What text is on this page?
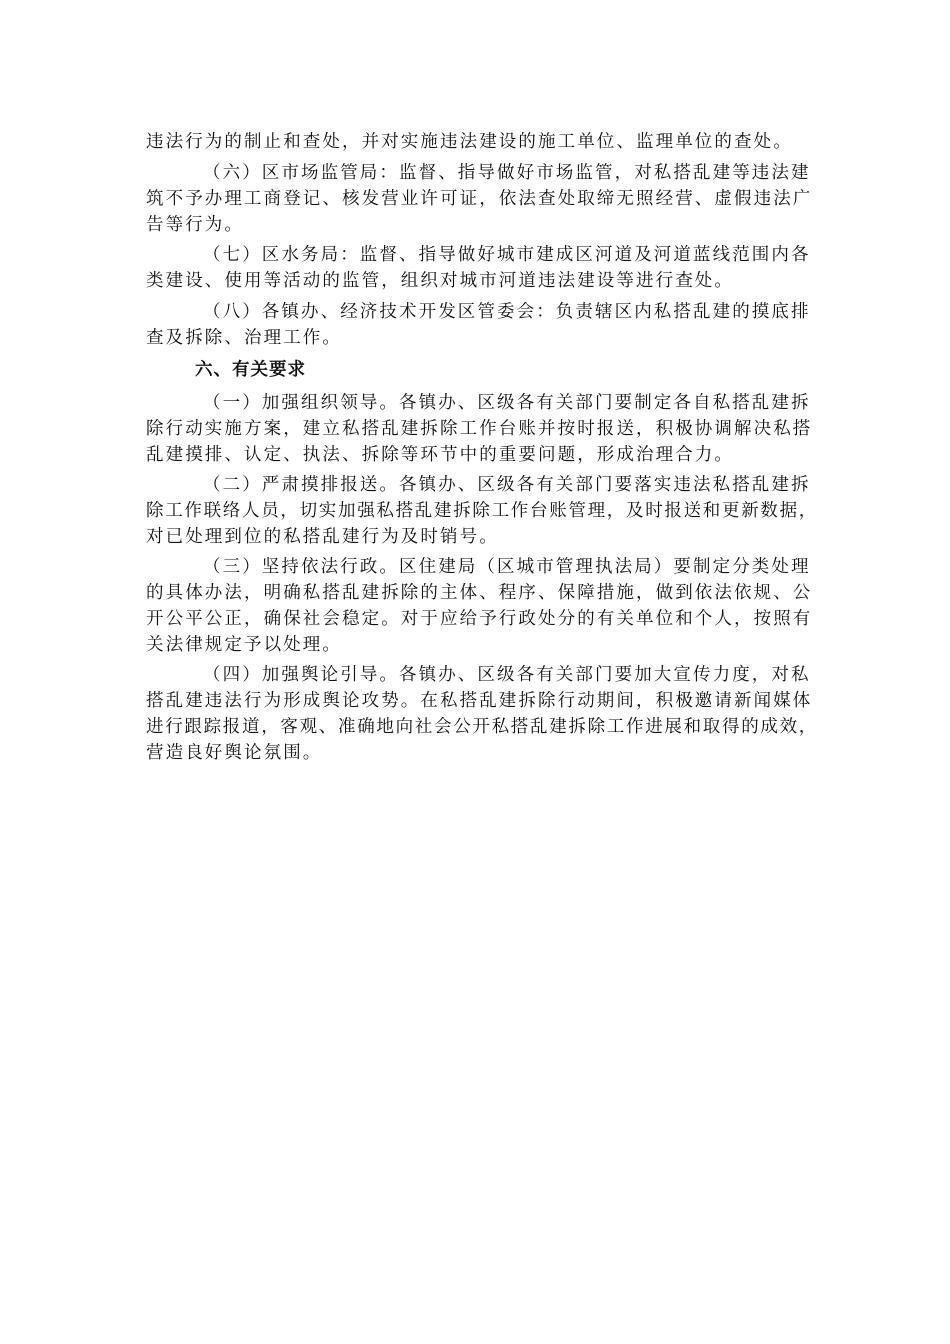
违法行为的制止和查处，并对实施违法建设的施工单位、监理单位的查处。
（六）区市场监管局：监督、指导做好市场监管，对私搭乱建等违法建
筑不予办理工商登记、核发营业许可证，依法查处取缔无照经营、虚假违法广
告等行为。
（七）区水务局：监督、指导做好城市建成区河道及河道蓝线范围内各
类建设、使用等活动的监管，组织对城市河道违法建设等进行查处。
（八）各镇办、经济技术开发区管委会：负责辖区内私搭乱建的摸底排
查及拆除、治理工作。
六、有关要求
（一）加强组织领导。各镇办、区级各有关部门要制定各自私搭乱建拆
除行动实施方案，建立私搭乱建拆除工作台账并按时报送，积极协调解决私搭
乱建摸排、认定、执法、拆除等环节中的重要问题，形成治理合力。
（二）严肃摸排报送。各镇办、区级各有关部门要落实违法私搭乱建拆
除工作联络人员，切实加强私搭乱建拆除工作台账管理，及时报送和更新数据，
对已处理到位的私搭乱建行为及时销号。
（三）坚持依法行政。区住建局（区城市管理执法局）要制定分类处理
的具体办法，明确私搭乱建拆除的主体、程序、保障措施，做到依法依规、公
开公平公正，确保社会稳定。对于应给予行政处分的有关单位和个人，按照有
关法律规定予以处理。
（四）加强舆论引导。各镇办、区级各有关部门要加大宣传力度，对私
搭乱建违法行为形成舆论攻势。在私搭乱建拆除行动期间，积极邀请新闻媒体
进行跟踪报道，客观、准确地向社会公开私搭乱建拆除工作进展和取得的成效，
营造良好舆论氛围。
